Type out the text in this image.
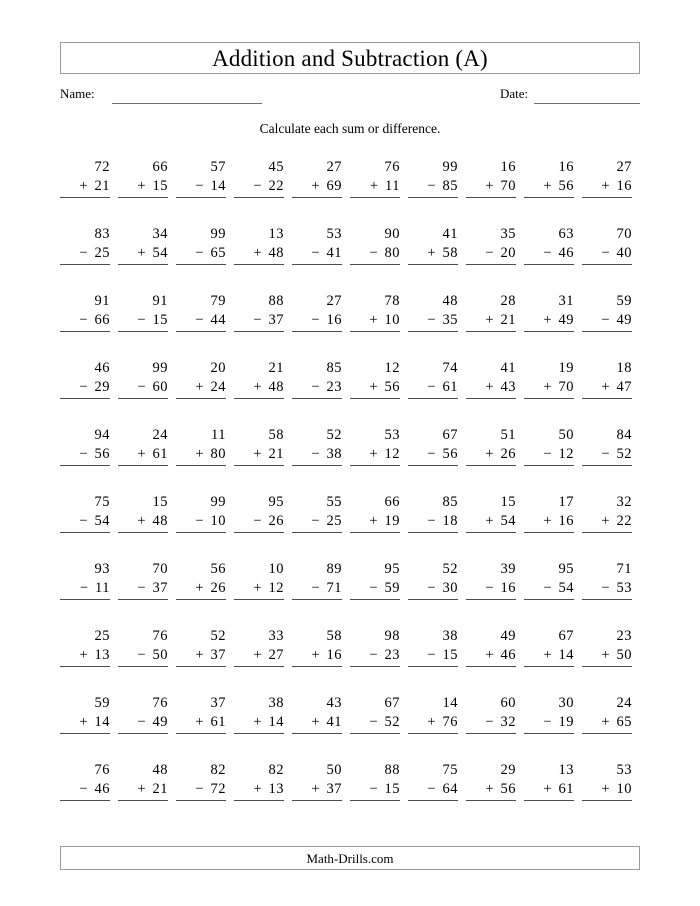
Addition and Subtraction (A)
Name:	Date:
Calculate each sum or difference.
72
+ 21
66
+ 15
57
− 14
45
− 22
27
+ 69
76
+ 11
99
− 85
16
+ 70
16
+ 56
27
+ 16
83
− 25
34
+ 54
99
− 65
13
+ 48
53
− 41
90
− 80
41
+ 58
35
− 20
63
− 46
70
− 40
91
− 66
91
− 15
79
− 44
88
− 37
27
− 16
78
+ 10
48
− 35
28
+ 21
31
+ 49
59
− 49
46
− 29
99
− 60
20
+ 24
21
+ 48
85
− 23
12
+ 56
74
− 61
41
+ 43
19
+ 70
18
+ 47
94
− 56
24
+ 61
11
+ 80
58
+ 21
52
− 38
53
+ 12
67
− 56
51
+ 26
50
− 12
84
− 52
75
− 54
15
+ 48
99
− 10
95
− 26
55
− 25
66
+ 19
85
− 18
15
+ 54
17
+ 16
32
+ 22
93
− 11
70
− 37
56
+ 26
10
+ 12
89
− 71
95
− 59
52
− 30
39
− 16
95
− 54
71
− 53
25
+ 13
76
− 50
52
+ 37
33
+ 27
58
+ 16
98
− 23
38
− 15
49
+ 46
67
+ 14
23
+ 50
59
+ 14
76
− 49
37
+ 61
38
+ 14
43
+ 41
67
− 52
14
+ 76
60
− 32
30
− 19
24
+ 65
76
− 46
48
+ 21
82
− 72
82
+ 13
50
+ 37
88
− 15
75
− 64
29
+ 56
13
+ 61
53
+ 10
Math-Drills.com
